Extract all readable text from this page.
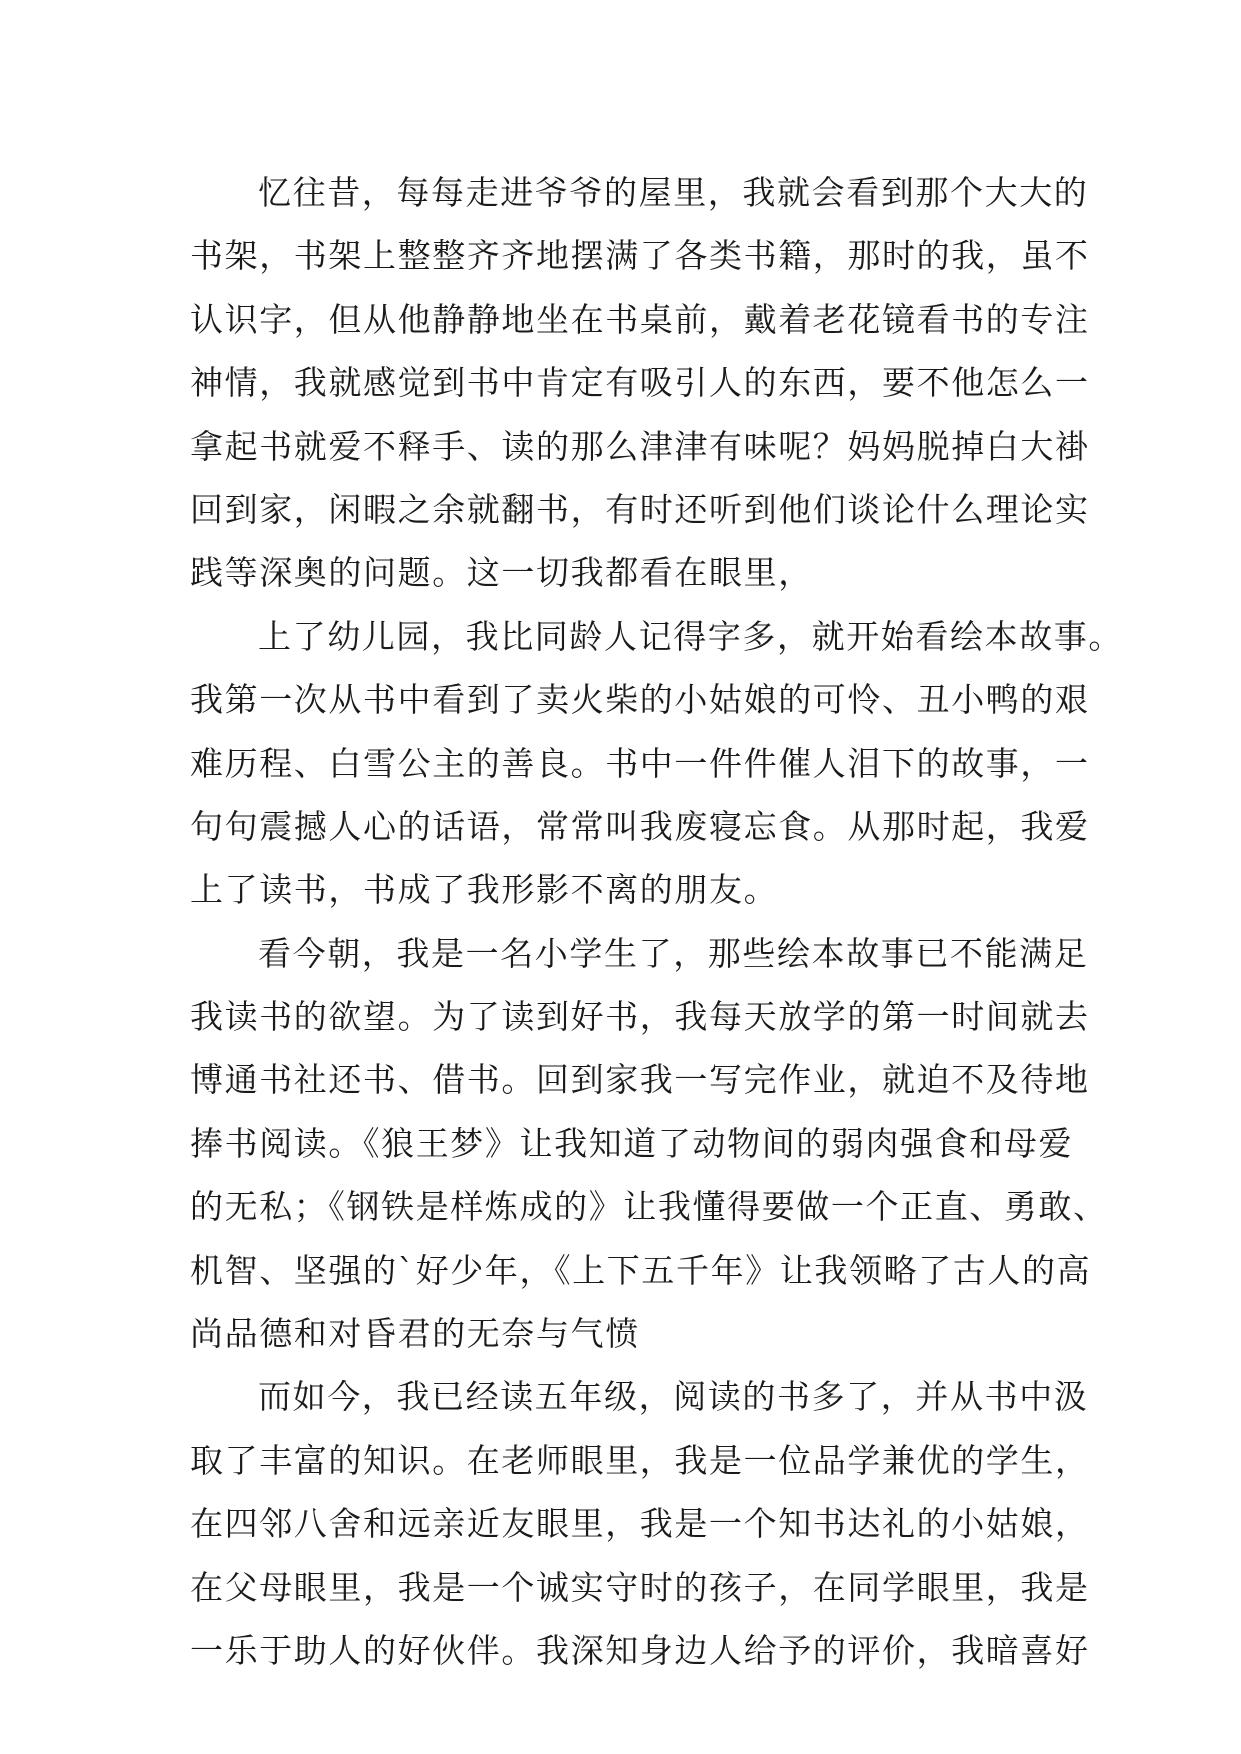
忆往昔，每每走进爷爷的屋里，我就会看到那个大大的
书架，书架上整整齐齐地摆满了各类书籍，那时的我，虽不
认识字，但从他静静地坐在书桌前，戴着老花镜看书的专注
神情，我就感觉到书中肯定有吸引人的东西，要不他怎么一
拿起书就爱不释手、读的那么津津有味呢？妈妈脱掉白大褂
回到家，闲暇之余就翻书，有时还听到他们谈论什么理论实
践等深奥的问题。这一切我都看在眼里，
上了幼儿园，我比同龄人记得字多，就开始看绘本故事。
我第一次从书中看到了卖火柴的小姑娘的可怜、丑小鸭的艰
难历程、白雪公主的善良。书中一件件催人泪下的故事，一
句句震撼人心的话语，常常叫我废寝忘食。从那时起，我爱
上了读书，书成了我形影不离的朋友。
看今朝，我是一名小学生了，那些绘本故事已不能满足
我读书的欲望。为了读到好书，我每天放学的第一时间就去
博通书社还书、借书。回到家我一写完作业，就迫不及待地
捧书阅读。《狼王梦》让我知道了动物间的弱肉强食和母爱
的无私；《钢铁是样炼成的》让我懂得要做一个正直、勇敢、
机智、坚强的`好少年，《上下五千年》让我领略了古人的高
尚品德和对昏君的无奈与气愤
而如今，我已经读五年级，阅读的书多了，并从书中汲
取了丰富的知识。在老师眼里，我是一位品学兼优的学生，
在四邻八舍和远亲近友眼里，我是一个知书达礼的小姑娘，
在父母眼里，我是一个诚实守时的孩子，在同学眼里，我是
一乐于助人的好伙伴。我深知身边人给予的评价，我暗喜好
